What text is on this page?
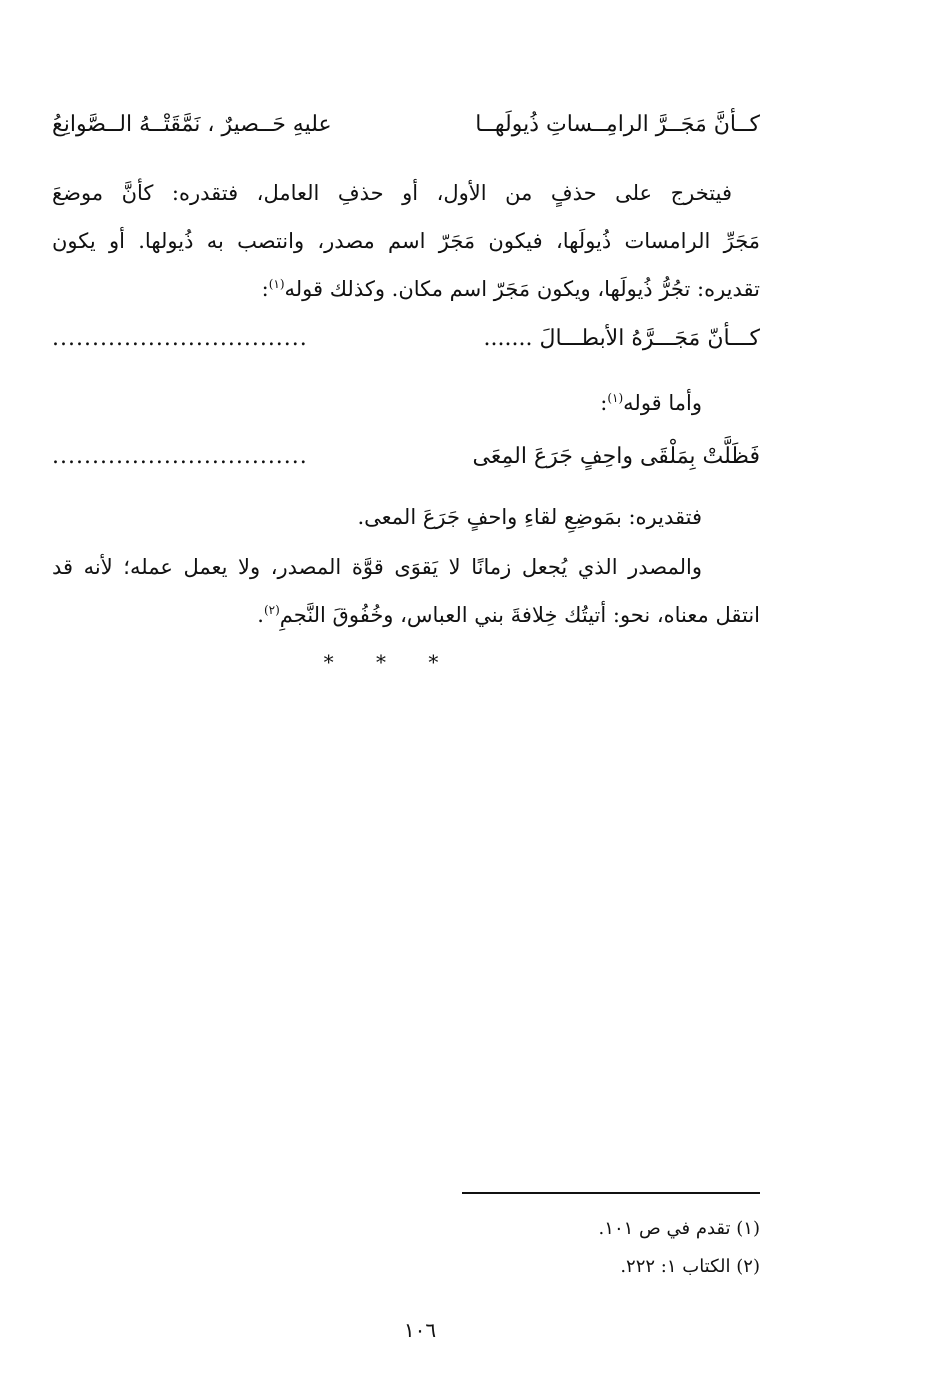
كــأنَّ مَجَــرَّ الرامِــساتِ ذُيولَهــا
عليهِ حَــصيرٌ ، نَمَّقَتْــهُ الــصَّوانِعُ
فيتخرج على حذفٍ من الأول، أو حذفِ العامل، فتقدره: كأنَّ موضعَ
مَجَرِّ الرامسات ذُيولَها، فيكون مَجَرّ اسم مصدر، وانتصب به ذُيولها. أو يكون
تقديره: تجُرُّ ذُيولَها، ويكون مَجَرّ اسم مكان. وكذلك قوله$^{(١)}$:
كـــأنّ مَجَـــرَّهُ الأبطـــالَ .......
................................
وأما قوله$^{(١)}$:
فَظَلَّتْ بِمَلْقَى واحِفٍ جَرَعَ المِعَى
................................
فتقديره: بمَوضِعِ لقاءِ واحفٍ جَرَعَ المعى.
والمصدر الذي يُجعل زمانًا لا يَقوَى قوَّة المصدر، ولا يعمل عمله؛ لأنه قد
انتقل معناه، نحو: أتيتُك خِلافةَ بني العباس، وخُفُوقَ النَّجمِ$^{(٢)}$.
* * *
(١) تقدم في ص ١٠١.
(٢) الكتاب ١: ٢٢٢.
١٠٦
